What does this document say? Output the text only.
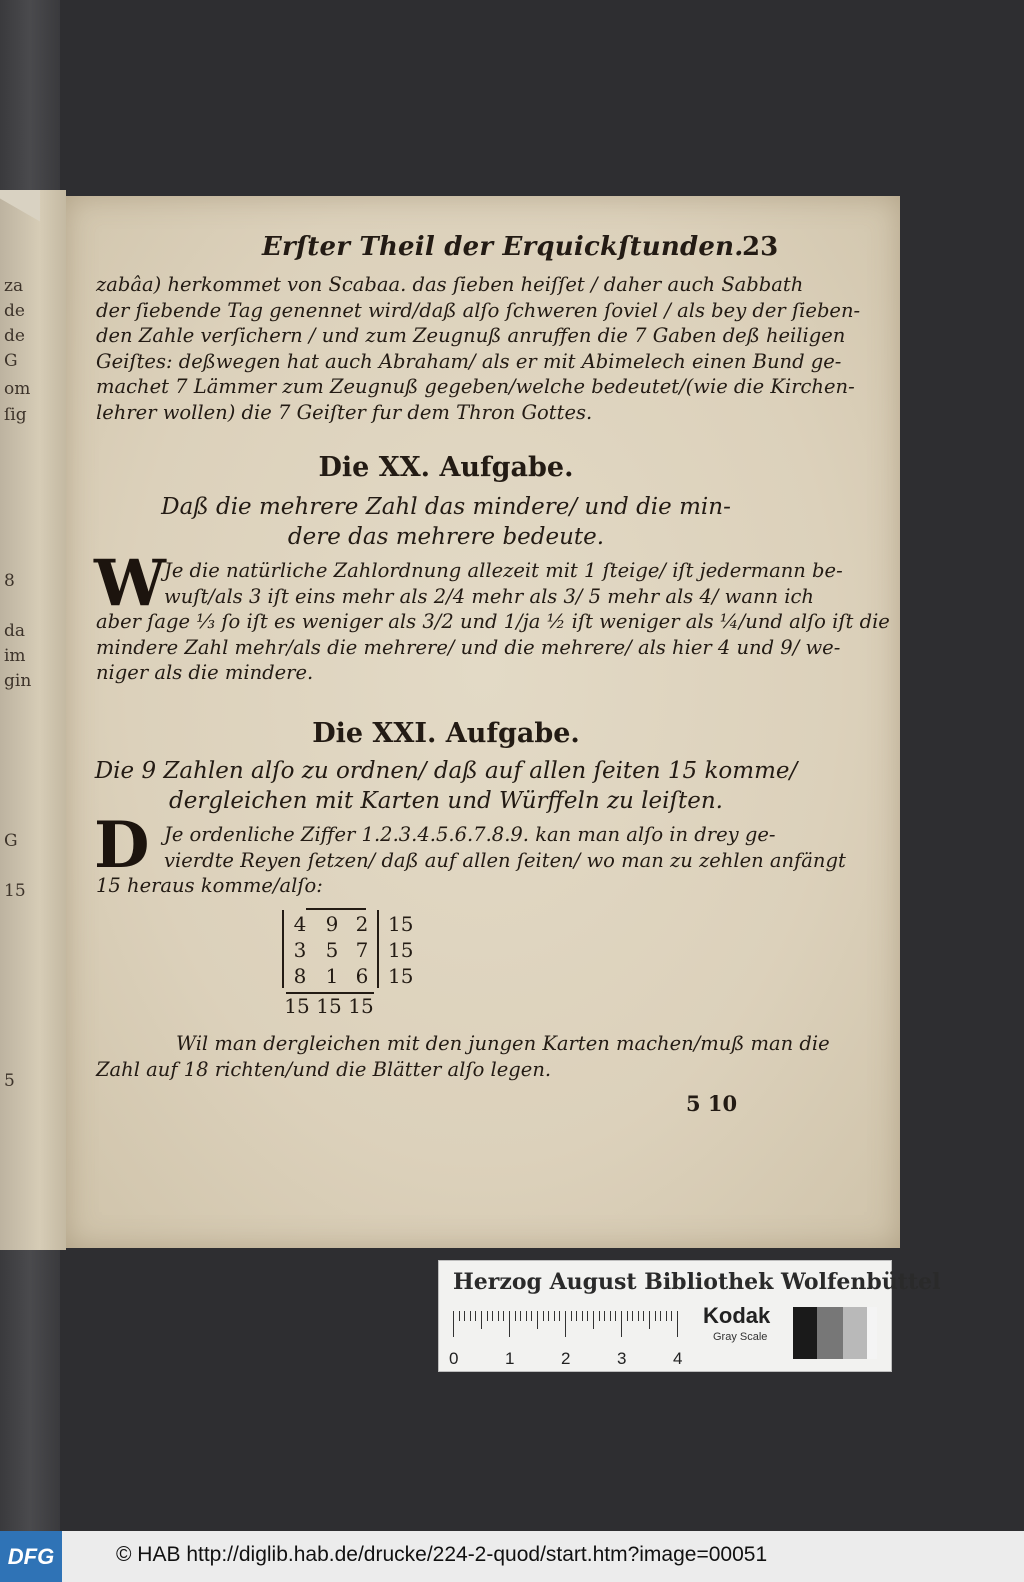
za
de
de
G
om
ſig
8
da
im
gin
G
15
5
Erſter Theil der Erquickſtunden.
23
zabâa) herkommet von Scabaa. das ſieben heiſſet / daher auch Sabbath
der ſiebende Tag genennet wird/daß alſo ſchweren ſoviel / als bey der ſieben-
den Zahle verſichern / und zum Zeugnuß anruffen die 7 Gaben deß heiligen
Geiſtes: deßwegen hat auch Abraham/ als er mit Abimelech einen Bund ge-
machet 7 Lämmer zum Zeugnuß gegeben/welche bedeutet/(wie die Kirchen-
lehrer wollen) die 7 Geiſter fur dem Thron Gottes.
Die XX. Aufgabe.
Daß die mehrere Zahl das mindere/ und die min-
dere das mehrere bedeute.
W
Je die natürliche Zahlordnung allezeit mit 1 ſteige/ iſt jedermann be-
wuſt/als 3 iſt eins mehr als 2/4 mehr als 3/ 5 mehr als 4/ wann ich
aber ſage ⅓ ſo iſt es weniger als 3/2 und 1/ja ½ iſt weniger als ¼/und alſo iſt die
mindere Zahl mehr/als die mehrere/ und die mehrere/ als hier 4 und 9/ we-
niger als die mindere.
Die XXI. Aufgabe.
Die 9 Zahlen alſo zu ordnen/ daß auf allen ſeiten 15 komme/
dergleichen mit Karten und Würffeln zu leiſten.
D Je ordenliche Ziffer 1.2.3.4.5.6.7.8.9. kan man alſo in drey ge-
vierdte Reyen ſetzen/ daß auf allen ſeiten/ wo man zu zehlen anfängt
15 heraus komme/alſo:
4 9 2 15
3 5 7 15
8 1 6 15
15 15 15
Wil man dergleichen mit den jungen Karten machen/muß man die
Zahl auf 18 richten/und die Blätter alſo legen.
5 10
Herzog August Bibliothek Wolfenbüttel
0	1	2	3	4
Kodak
Gray Scale
DFG	© HAB http://diglib.hab.de/drucke/224-2-quod/start.htm?image=00051
